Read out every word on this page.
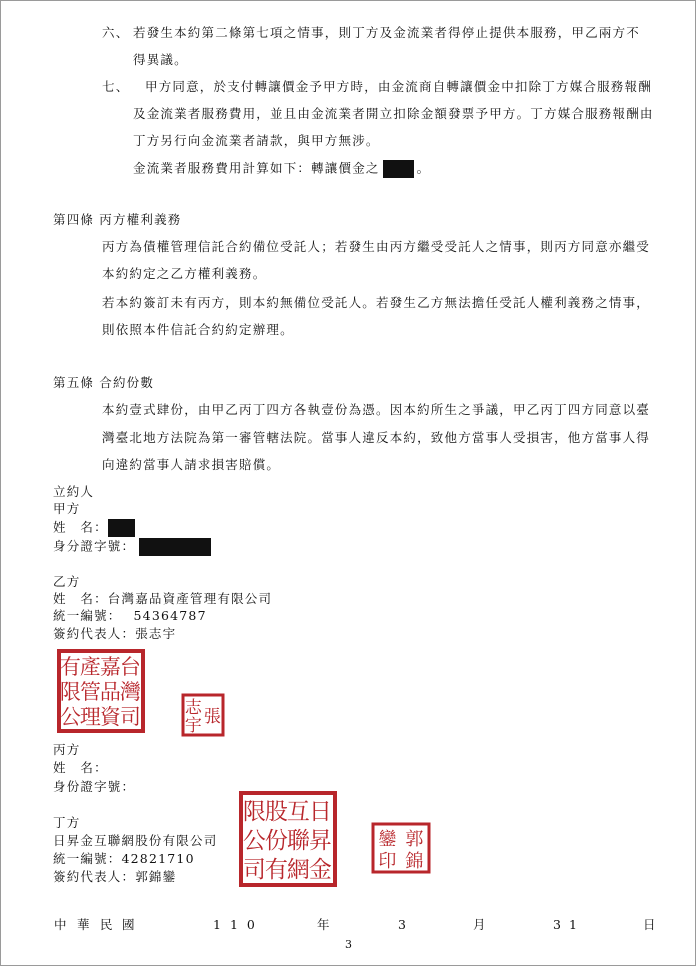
六、 若發生本約第二條第七項之情事，則丁方及金流業者得停止提供本服務，甲乙兩方不
得異議。
七、 甲方同意，於支付轉讓價金予甲方時，由金流商自轉讓價金中扣除丁方媒合服務報酬
及金流業者服務費用，並且由金流業者開立扣除金額發票予甲方。丁方媒合服務報酬由
丁方另行向金流業者請款，與甲方無涉。
金流業者服務費用計算如下：轉讓價金之	。
第四條 丙方權利義務
丙方為債權管理信託合約備位受託人；若發生由丙方繼受受託人之情事，則丙方同意亦繼受
本約約定之乙方權利義務。
若本約簽訂未有丙方，則本約無備位受託人。若發生乙方無法擔任受託人權利義務之情事，
則依照本件信託合約約定辦理。
第五條 合約份數
本約壹式肆份，由甲乙丙丁四方各執壹份為憑。因本約所生之爭議，甲乙丙丁四方同意以臺
灣臺北地方法院為第一審管轄法院。當事人違反本約，致他方當事人受損害，他方當事人得
向違約當事人請求損害賠償。
立約人
甲方
姓　名：
身分證字號：
乙方
姓　名：台灣嘉品資產管理有限公司
統一編號： 54364787
簽約代表人：張志宇
台
灣
嘉
品
資
產
管
理
有
限
公 司	張
志
宇
丙方
姓　名：
身份證字號：
丁方
日昇金互聯網股份有限公司
統一編號：42821710
簽約代表人：郭錦鑾
日
昇
金
互
聯
網
股
份
有
限
公
司
郭
錦
鑾
印
中 華 民 國	110	年	3	月	31	日
3
